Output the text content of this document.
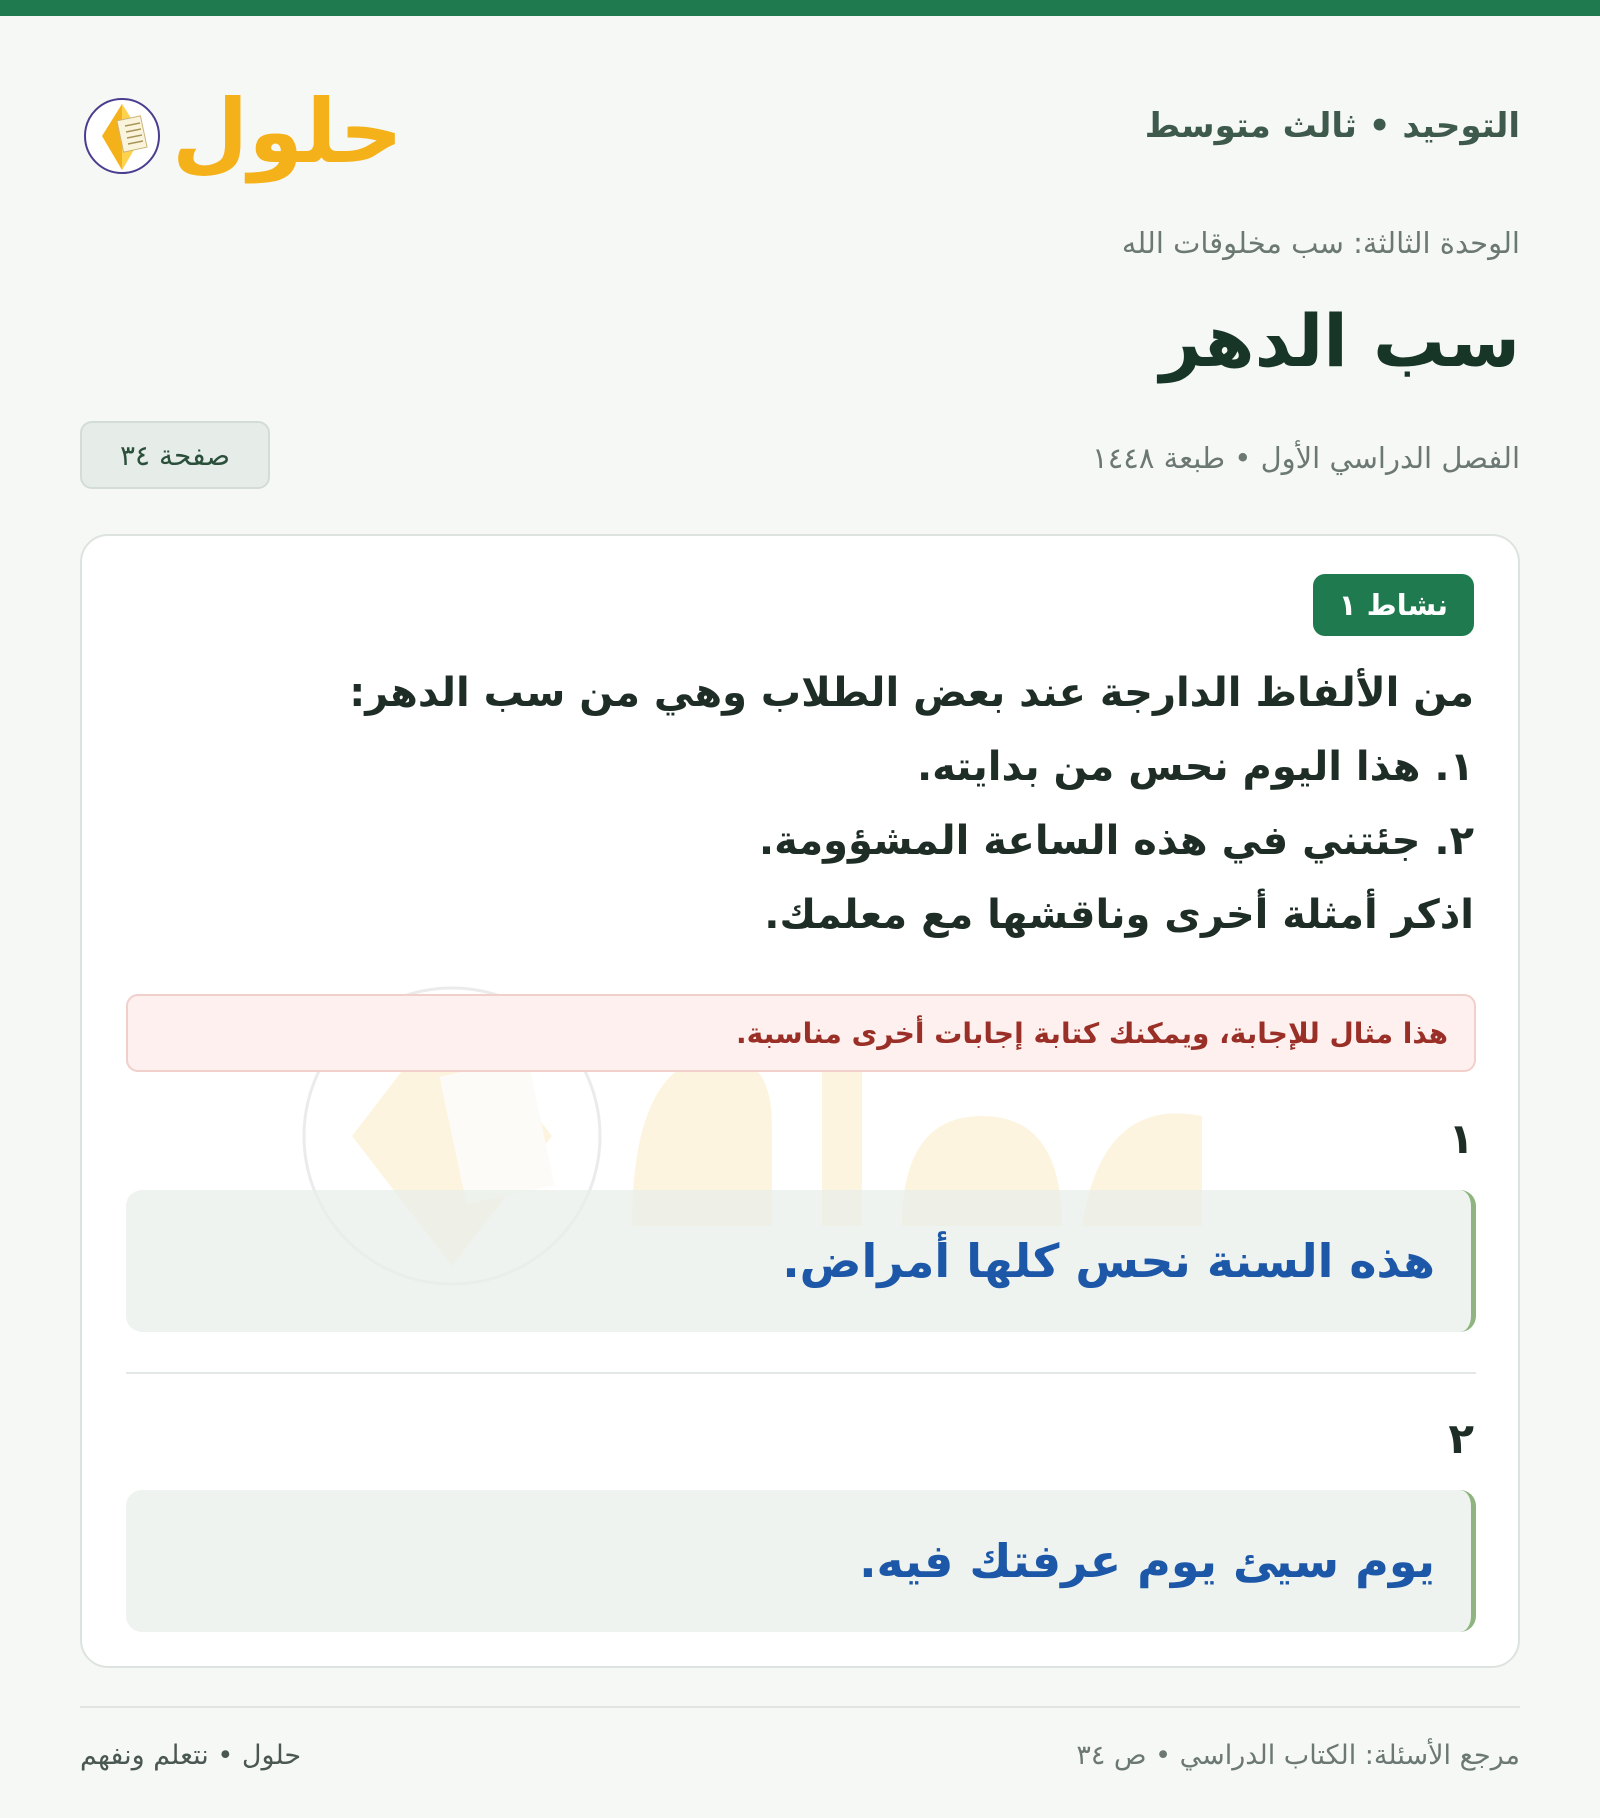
التوحيد • ثالث متوسط
حلول
الوحدة الثالثة: سب مخلوقات الله
سب الدهر
الفصل الدراسي الأول • طبعة ١٤٤٨
صفحة ٣٤
نشاط ١
من الألفاظ الدارجة عند بعض الطلاب وهي من سب الدهر:
١. هذا اليوم نحس من بدايته.
٢. جئتني في هذه الساعة المشؤومة.
اذكر أمثلة أخرى وناقشها مع معلمك.
هذا مثال للإجابة، ويمكنك كتابة إجابات أخرى مناسبة.
١
هذه السنة نحس كلها أمراض.
٢
يوم سيئ يوم عرفتك فيه.
مرجع الأسئلة: الكتاب الدراسي • ص ٣٤
حلول • نتعلم ونفهم
